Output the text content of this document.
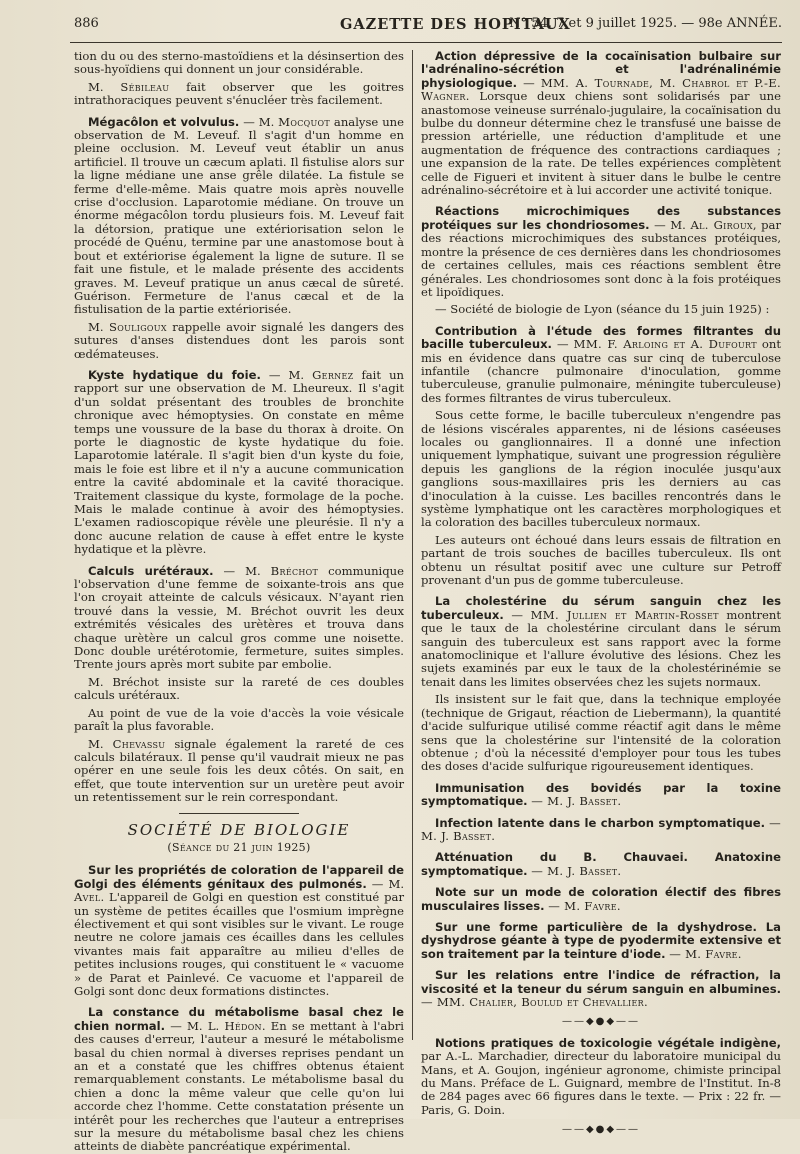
886	GAZETTE DES HOPITAUX
N° 54, 7 et 9 juillet 1925. — 98e ANNÉE.

tion du ou des sterno-mastoïdiens et la désinsertion des sous-hyoïdiens qui donnent un jour considérable.

M. Sébileau fait observer que les goitres intrathoraciques peuvent s'énucléer très facilement.

Mégacôlon et volvulus. — M. Mocquot analyse une observation de M. Leveuf. Il s'agit d'un homme en pleine occlusion. M. Leveuf veut établir un anus artificiel. Il trouve un cæcum aplati. Il fistulise alors sur la ligne médiane une anse grêle dilatée. La fistule se ferme d'elle-même. Mais quatre mois après nouvelle crise d'occlusion. Laparotomie médiane. On trouve un énorme mégacôlon tordu plusieurs fois. M. Leveuf fait la détorsion, pratique une extériorisation selon le procédé de Quénu, termine par une anastomose bout à bout et extériorise également la ligne de suture. Il se fait une fistule, et le malade présente des accidents graves. M. Leveuf pratique un anus cæcal de sûreté. Guérison. Fermeture de l'anus cæcal et de la fistulisation de la partie extériorisée.

M. Souligoux rappelle avoir signalé les dangers des sutures d'anses distendues dont les parois sont œdémateuses.

Kyste hydatique du foie. — M. Gernez fait un rapport sur une observation de M. Lheureux. Il s'agit d'un soldat présentant des troubles de bronchite chronique avec hémoptysies. On constate en même temps une voussure de la base du thorax à droite. On porte le diagnostic de kyste hydatique du foie. Laparotomie latérale. Il s'agit bien d'un kyste du foie, mais le foie est libre et il n'y a aucune communication entre la cavité abdominale et la cavité thoracique. Traitement classique du kyste, formolage de la poche. Mais le malade continue à avoir des hémoptysies. L'examen radioscopique révèle une pleurésie. Il n'y a donc aucune relation de cause à effet entre le kyste hydatique et la plèvre.

Calculs urétéraux. — M. Bréchot communique l'observation d'une femme de soixante-trois ans que l'on croyait atteinte de calculs vésicaux. N'ayant rien trouvé dans la vessie, M. Bréchot ouvrit les deux extrémités vésicales des urètères et trouva dans chaque urètère un calcul gros comme une noisette. Donc double urétérotomie, fermeture, suites simples. Trente jours après mort subite par embolie.

M. Bréchot insiste sur la rareté de ces doubles calculs urétéraux.

Au point de vue de la voie d'accès la voie vésicale paraît la plus favorable.

M. Chevassu signale également la rareté de ces calculs bilatéraux. Il pense qu'il vaudrait mieux ne pas opérer en une seule fois les deux côtés. On sait, en effet, que toute intervention sur un uretère peut avoir un retentissement sur le rein correspondant.

SOCIÉTÉ DE BIOLOGIE
(Séance du 21 juin 1925)

Sur les propriétés de coloration de l'appareil de Golgi des éléments génitaux des pulmonés. — M. Avel. L'appareil de Golgi en question est constitué par un système de petites écailles que l'osmium imprègne électivement et qui sont visibles sur le vivant. Le rouge neutre ne colore jamais ces écailles dans les cellules vivantes mais fait apparaître au milieu d'elles de petites inclusions rouges, qui constituent le « vacuome » de Parat et Painlevé. Ce vacuome et l'appareil de Golgi sont donc deux formations distinctes.

La constance du métabolisme basal chez le chien normal. — M. L. Hédon. En se mettant à l'abri des causes d'erreur, l'auteur a mesuré le métabolisme basal du chien normal à diverses reprises pendant un an et a constaté que les chiffres obtenus étaient remarquablement constants. Le métabolisme basal du chien a donc la même valeur que celle qu'on lui accorde chez l'homme. Cette constatation présente un intérêt pour les recherches que l'auteur a entreprises sur la mesure du métabolisme basal chez les chiens atteints de diabète pancréatique expérimental.

Action dépressive de la cocaïnisation bulbaire sur l'adrénalino-sécrétion et l'adrénalinémie physiologique. — MM. A. Tournade, M. Chabrol et P.-E. Wagner. Lorsque deux chiens sont solidarisés par une anastomose veineuse surrénalo-jugulaire, la cocaïnisation du bulbe du donneur détermine chez le transfusé une baisse de pression artérielle, une réduction d'amplitude et une augmentation de fréquence des contractions cardiaques ; une expansion de la rate. De telles expériences complètent celle de Figueri et invitent à situer dans le bulbe le centre adrénalino-sécrétoire et à lui accorder une activité tonique.

Réactions microchimiques des substances protéiques sur les chondriosomes. — M. Al. Giroux, par des réactions microchimiques des substances protéiques, montre la présence de ces dernières dans les chondriosomes de certaines cellules, mais ces réactions semblent être générales. Les chondriosomes sont donc à la fois protéiques et lipoïdiques.

— Société de biologie de Lyon (séance du 15 juin 1925) :

Contribution à l'étude des formes filtrantes du bacille tuberculeux. — MM. F. Arloing et A. Dufourt ont mis en évidence dans quatre cas sur cinq de tuberculose infantile (chancre pulmonaire d'inoculation, gomme tuberculeuse, granulie pulmonaire, méningite tuberculeuse) des formes filtrantes de virus tuberculeux.

Sous cette forme, le bacille tuberculeux n'engendre pas de lésions viscérales apparentes, ni de lésions caséeuses locales ou ganglionnaires. Il a donné une infection uniquement lymphatique, suivant une progression régulière depuis les ganglions de la région inoculée jusqu'aux ganglions sous-maxillaires pris les derniers au cas d'inoculation à la cuisse. Les bacilles rencontrés dans le système lymphatique ont les caractères morphologiques et la coloration des bacilles tuberculeux normaux.

Les auteurs ont échoué dans leurs essais de filtration en partant de trois souches de bacilles tuberculeux. Ils ont obtenu un résultat positif avec une culture sur Petroff provenant d'un pus de gomme tuberculeuse.

La cholestérine du sérum sanguin chez les tuberculeux. — MM. Jullien et Martin-Rosset montrent que le taux de la cholestérine circulant dans le sérum sanguin des tuberculeux est sans rapport avec la forme anatomoclinique et l'allure évolutive des lésions. Chez les sujets examinés par eux le taux de la cholestérinémie se tenait dans les limites observées chez les sujets normaux.

Ils insistent sur le fait que, dans la technique employée (technique de Grigaut, réaction de Liebermann), la quantité d'acide sulfurique utilisé comme réactif agit dans le même sens que la cholestérine sur l'intensité de la coloration obtenue ; d'où la nécessité d'employer pour tous les tubes des doses d'acide sulfurique rigoureusement identiques.

Immunisation des bovidés par la toxine symptomatique. — M. J. Basset.

Infection latente dans le charbon symptomatique. — M. J. Basset.

Atténuation du B. Chauvaei. Anatoxine symptomatique. — M. J. Basset.

Note sur un mode de coloration électif des fibres musculaires lisses. — M. Favre.

Sur une forme particulière de la dyshydrose. La dyshydrose géante à type de pyodermite extensive et son traitement par la teinture d'iode. — M. Favre.

Sur les relations entre l'indice de réfraction, la viscosité et la teneur du sérum sanguin en albumines. — MM. Chalier, Boulud et Chevallier.

——◆●◆——

Notions pratiques de toxicologie végétale indigène, par A.-L. Marchadier, directeur du laboratoire municipal du Mans, et A. Goujon, ingénieur agronome, chimiste principal du Mans. Préface de L. Guignard, membre de l'Institut. In-8 de 284 pages avec 66 figures dans le texte. — Prix : 22 fr. — Paris, G. Doin.

——◆●◆——
